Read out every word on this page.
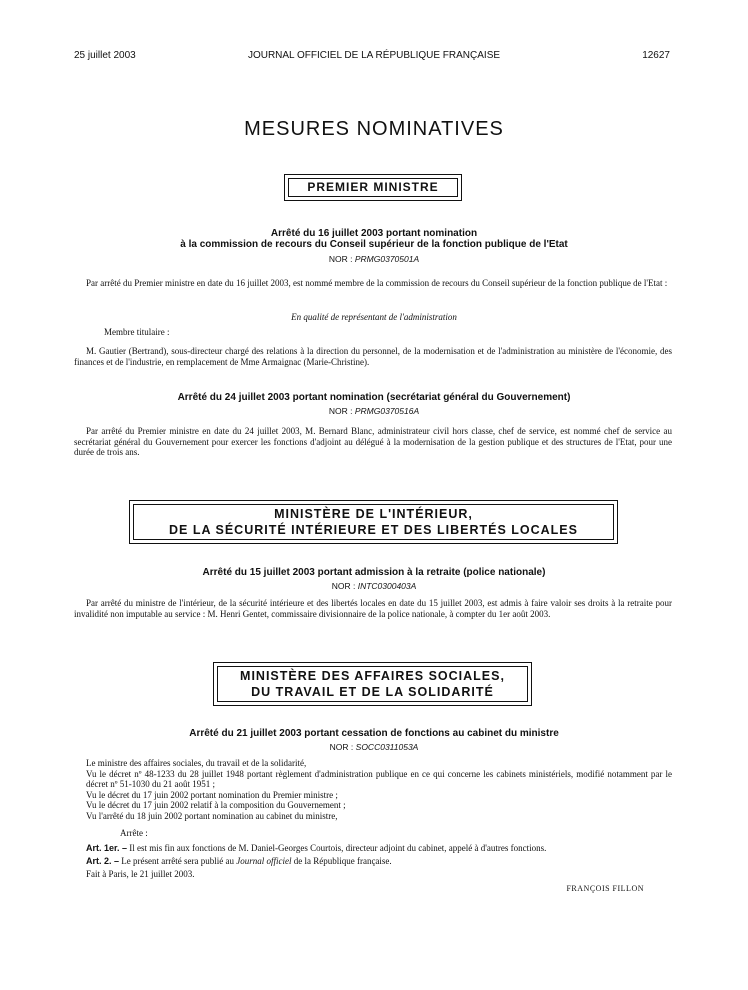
25 juillet 2003	JOURNAL OFFICIEL DE LA RÉPUBLIQUE FRANÇAISE	12627
MESURES NOMINATIVES
PREMIER MINISTRE
Arrêté du 16 juillet 2003 portant nomination
à la commission de recours du Conseil supérieur de la fonction publique de l'Etat
NOR : PRMG0370501A
Par arrêté du Premier ministre en date du 16 juillet 2003, est nommé membre de la commission de recours du Conseil supérieur de la fonction publique de l'Etat :
En qualité de représentant de l'administration
Membre titulaire :
M. Gautier (Bertrand), sous-directeur chargé des relations à la direction du personnel, de la modernisation et de l'administration au ministère de l'économie, des finances et de l'industrie, en remplacement de Mme Armaignac (Marie-Christine).
Arrêté du 24 juillet 2003 portant nomination (secrétariat général du Gouvernement)
NOR : PRMG0370516A
Par arrêté du Premier ministre en date du 24 juillet 2003, M. Bernard Blanc, administrateur civil hors classe, chef de service, est nommé chef de service au secrétariat général du Gouvernement pour exercer les fonctions d'adjoint au délégué à la modernisation de la gestion publique et des structures de l'Etat, pour une durée de trois ans.
MINISTÈRE DE L'INTÉRIEUR,
DE LA SÉCURITÉ INTÉRIEURE ET DES LIBERTÉS LOCALES
Arrêté du 15 juillet 2003 portant admission à la retraite (police nationale)
NOR : INTC0300403A
Par arrêté du ministre de l'intérieur, de la sécurité intérieure et des libertés locales en date du 15 juillet 2003, est admis à faire valoir ses droits à la retraite pour invalidité non imputable au service : M. Henri Gentet, commissaire divisionnaire de la police nationale, à compter du 1er août 2003.
MINISTÈRE DES AFFAIRES SOCIALES,
DU TRAVAIL ET DE LA SOLIDARITÉ
Arrêté du 21 juillet 2003 portant cessation de fonctions au cabinet du ministre
NOR : SOCC0311053A
Le ministre des affaires sociales, du travail et de la solidarité,
Vu le décret nº 48-1233 du 28 juillet 1948 portant règlement d'administration publique en ce qui concerne les cabinets ministériels, modifié notamment par le décret nº 51-1030 du 21 août 1951 ;
Vu le décret du 17 juin 2002 portant nomination du Premier ministre ;
Vu le décret du 17 juin 2002 relatif à la composition du Gouvernement ;
Vu l'arrêté du 18 juin 2002 portant nomination au cabinet du ministre,
Arrête :
Art. 1er. – Il est mis fin aux fonctions de M. Daniel-Georges Courtois, directeur adjoint du cabinet, appelé à d'autres fonctions.
Art. 2. – Le présent arrêté sera publié au Journal officiel de la République française.
Fait à Paris, le 21 juillet 2003.
FRANÇOIS FILLON
